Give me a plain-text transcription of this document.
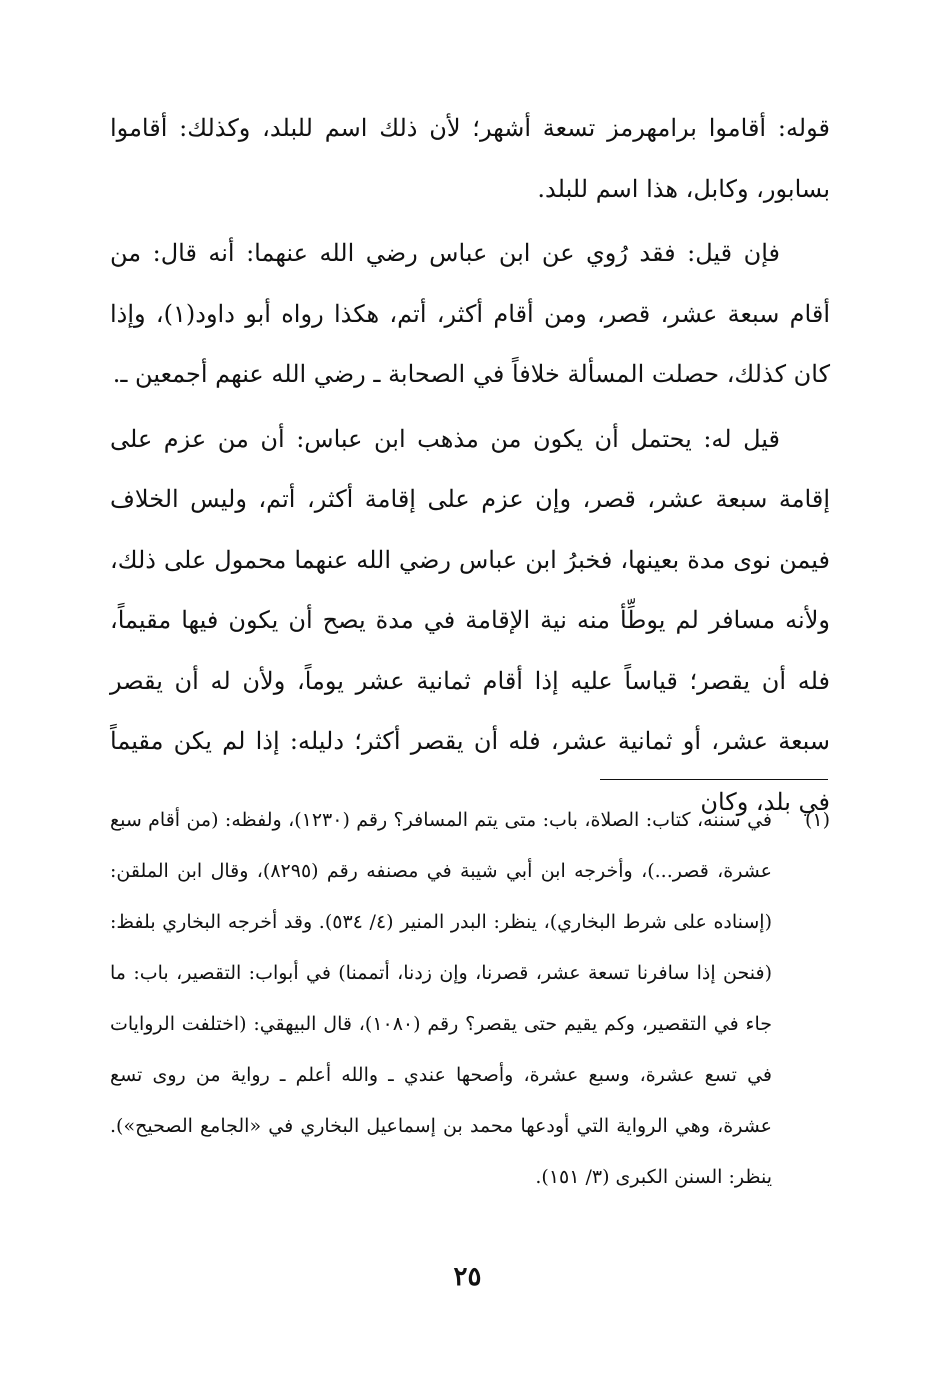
قوله: أقاموا برامهرمز تسعة أشهر؛ لأن ذلك اسم للبلد، وكذلك: أقاموا بسابور، وكابل، هذا اسم للبلد.

فإن قيل: فقد رُوي عن ابن عباس رضي الله عنهما: أنه قال: من أقام سبعة عشر، قصر، ومن أقام أكثر، أتم، هكذا رواه أبو داود(١)، وإذا كان كذلك، حصلت المسألة خلافاً في الصحابة ـ رضي الله عنهم أجمعين ـ.

قيل له: يحتمل أن يكون من مذهب ابن عباس: أن من عزم على إقامة سبعة عشر، قصر، وإن عزم على إقامة أكثر، أتم، وليس الخلاف فيمن نوى مدة بعينها، فخبرُ ابن عباس رضي الله عنهما محمول على ذلك، ولأنه مسافر لم يوطِّأ منه نية الإقامة في مدة يصح أن يكون فيها مقيماً، فله أن يقصر؛ قياساً عليه إذا أقام ثمانية عشر يوماً، ولأن له أن يقصر سبعة عشر، أو ثمانية عشر، فله أن يقصر أكثر؛ دليله: إذا لم يكن مقيماً في بلد، وكان

(١)
في سننه، كتاب: الصلاة، باب: متى يتم المسافر؟ رقم (١٢٣٠)، ولفظه: (من أقام سبع عشرة، قصر...)، وأخرجه ابن أبي شيبة في مصنفه رقم (٨٢٩٥)، وقال ابن الملقن: (إسناده على شرط البخاري)، ينظر: البدر المنير (٤/ ٥٣٤). وقد أخرجه البخاري بلفظ: (فنحن إذا سافرنا تسعة عشر، قصرنا، وإن زدنا، أتممنا) في أبواب: التقصير، باب: ما جاء في التقصير، وكم يقيم حتى يقصر؟ رقم (١٠٨٠)، قال البيهقي: (اختلفت الروايات في تسع عشرة، وسبع عشرة، وأصحها عندي ـ والله أعلم ـ رواية من روى تسع عشرة، وهي الرواية التي أودعها محمد بن إسماعيل البخاري في «الجامع الصحيح»). ينظر: السنن الكبرى (٣/ ١٥١).
٢٥
